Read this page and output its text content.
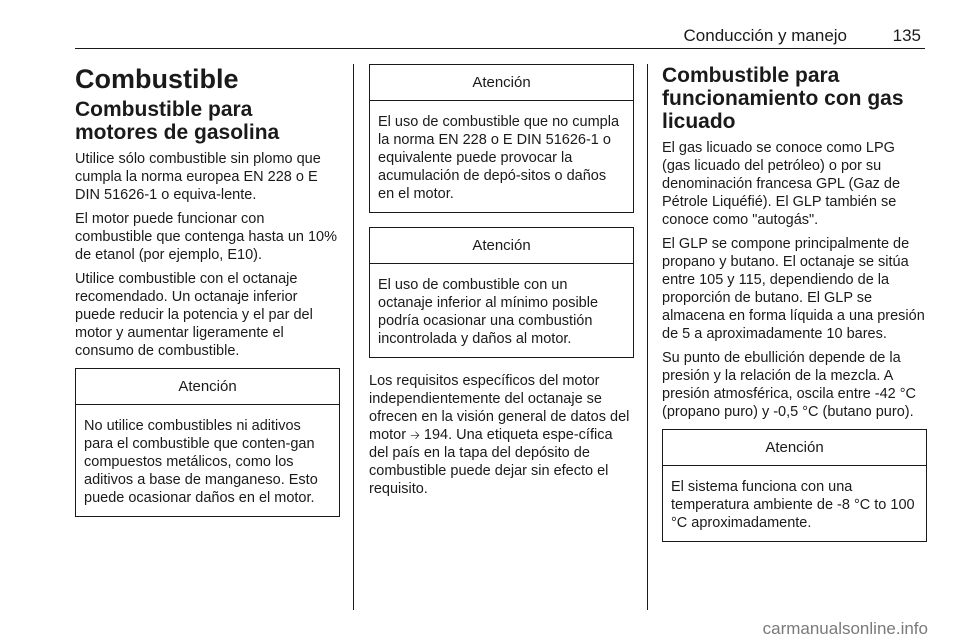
Conducción y manejo	135
Combustible
Combustible para motores de gasolina

Utilice sólo combustible sin plomo que cumpla la norma europea EN 228 o E DIN 51626-1 o equiva-lente.

El motor puede funcionar con combustible que contenga hasta un 10% de etanol (por ejemplo, E10).

Utilice combustible con el octanaje recomendado. Un octanaje inferior puede reducir la potencia y el par del motor y aumentar ligeramente el consumo de combustible.

Atención

No utilice combustibles ni aditivos para el combustible que conten-gan compuestos metálicos, como los aditivos a base de manganeso. Esto puede ocasionar daños en el motor.

Atención

El uso de combustible que no cumpla la norma EN 228 o E DIN 51626-1 o equivalente puede provocar la acumulación de depó-sitos o daños en el motor.

Atención

El uso de combustible con un octanaje inferior al mínimo posible podría ocasionar una combustión incontrolada y daños al motor.

Los requisitos específicos del motor independientemente del octanaje se ofrecen en la visión general de datos del motor 🡢 194. Una etiqueta espe-cífica del país en la tapa del depósito de combustible puede dejar sin efecto el requisito.

Combustible para funcionamiento con gas licuado

El gas licuado se conoce como LPG (gas licuado del petróleo) o por su denominación francesa GPL (Gaz de Pétrole Liquéfié). El GLP también se conoce como "autogás".

El GLP se compone principalmente de propano y butano. El octanaje se sitúa entre 105 y 115, dependiendo de la proporción de butano. El GLP se almacena en forma líquida a una presión de 5 a aproximadamente 10 bares.

Su punto de ebullición depende de la presión y la relación de la mezcla. A presión atmosférica, oscila entre -42 °C (propano puro) y -0,5 °C (butano puro).

Atención

El sistema funciona con una temperatura ambiente de -8 °C to 100 °C aproximadamente.

carmanualsonline.info
